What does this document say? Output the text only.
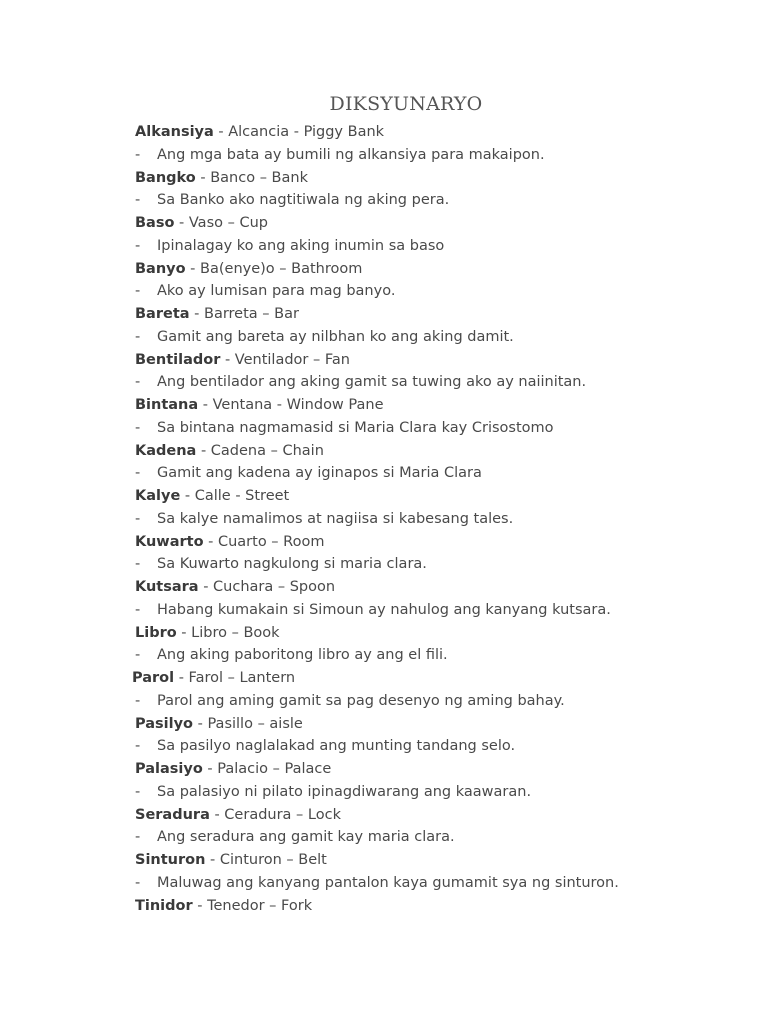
DIKSYUNARYO
Alkansiya - Alcancia - Piggy Bank
- Ang mga bata ay bumili ng alkansiya para makaipon.
Bangko - Banco – Bank
- Sa Banko ako nagtitiwala ng aking pera.
Baso - Vaso – Cup
- Ipinalagay ko ang aking inumin sa baso
Banyo - Ba(enye)o – Bathroom
- Ako ay lumisan para mag banyo.
Bareta - Barreta – Bar
- Gamit ang bareta ay nilbhan ko ang aking damit.
Bentilador - Ventilador – Fan
- Ang bentilador ang aking gamit sa tuwing ako ay naiinitan.
Bintana - Ventana - Window Pane
- Sa bintana nagmamasid si Maria Clara kay Crisostomo
Kadena - Cadena – Chain
- Gamit ang kadena ay iginapos si Maria Clara
Kalye - Calle - Street
- Sa kalye namalimos at nagiisa si kabesang tales.
Kuwarto - Cuarto – Room
- Sa Kuwarto nagkulong si maria clara.
Kutsara - Cuchara – Spoon
- Habang kumakain si Simoun ay nahulog ang kanyang kutsara.
Libro - Libro – Book
- Ang aking paboritong libro ay ang el fili.
Parol - Farol – Lantern
- Parol ang aming gamit sa pag desenyo ng aming bahay.
Pasilyo - Pasillo – aisle
- Sa pasilyo naglalakad ang munting tandang selo.
Palasiyo - Palacio – Palace
- Sa palasiyo ni pilato ipinagdiwarang ang kaawaran.
Seradura - Ceradura – Lock
- Ang seradura ang gamit kay maria clara.
Sinturon - Cinturon – Belt
- Maluwag ang kanyang pantalon kaya gumamit sya ng sinturon.
Tinidor - Tenedor – Fork
